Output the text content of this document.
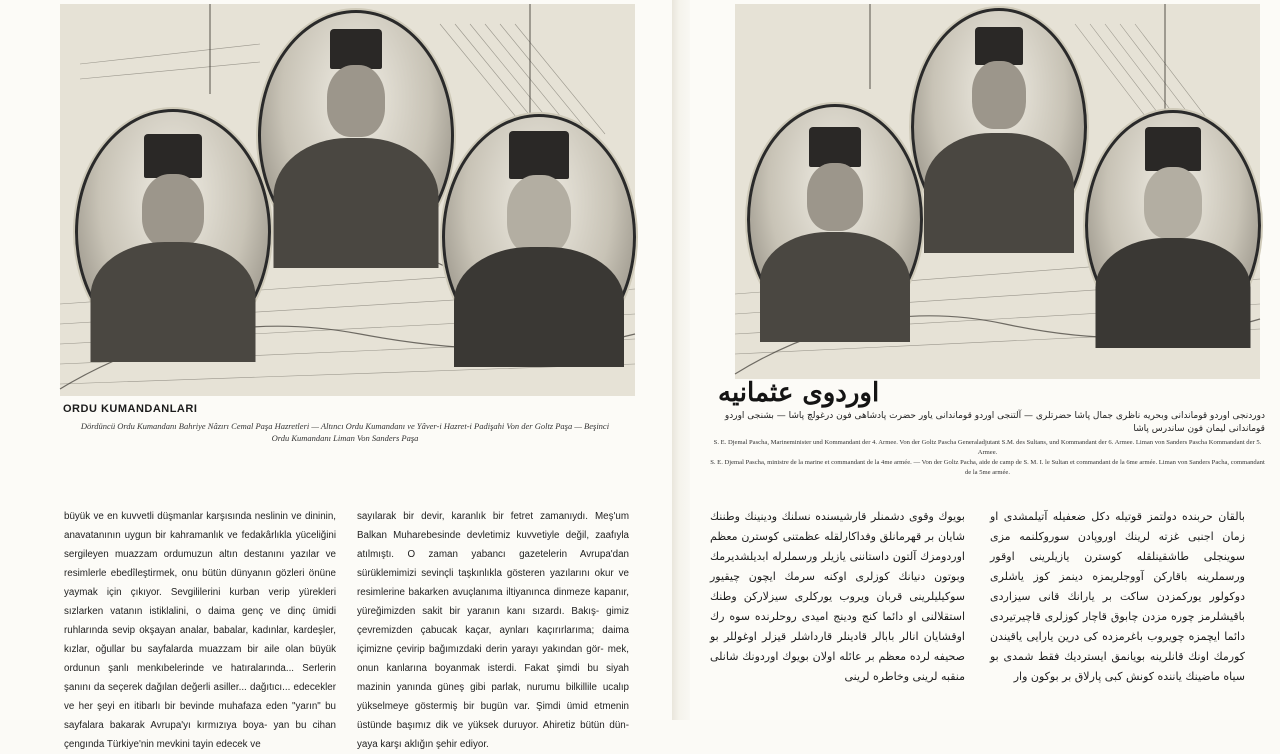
ORDU KUMANDANLARI
Dördüncü Ordu Kumandanı Bahriye Nâzırı Cemal Paşa Hazretleri — Altıncı Ordu Kumandanı ve Yâver-i Hazret-i Padişahi Von der Goltz Paşa — Beşinci Ordu Kumandanı Liman Von Sanders Paşa

büyük ve en kuvvetli düşmanlar karşısında neslinin ve dininin, anavatanının uygun bir kahramanlık ve fedakârlıkla yüceliğini sergileyen muazzam ordumuzun altın destanını yazılar ve resimlerle ebedîleştirmek, onu bütün dünyanın gözleri önüne yaymak için çıkıyor. Sevgililerini kurban verip yürekleri sızlarken vatanın istiklalini, o daima genç ve dinç ümidi ruhlarında sevip okşayan analar, babalar, kadınlar, kardeşler, kızlar, oğullar bu sayfalarda muazzam bir aile olan büyük ordunun şanlı menkıbelerinde ve hatıralarında... Serlerin şanını da seçerek dağılan değerli asiller... dağıtıcı... edecekler ve her şeyi en itibarlı bir bevinde muhafaza eden "yarın" bu sayfalara bakarak Avrupa'yı kırmızıya boya- yan bu cihan çengında Türkiye'nin mevkini tayin edecek ve

sayılarak bir devir, karanlık bir fetret zamanıydı. Meş'um Balkan Muharebesinde devletimiz kuvvetiyle değil, zaafıyla atılmıştı. O zaman yabancı gazetelerin Avrupa'dan sürüklemimizi sevinçli taşkınlıkla gösteren yazılarını okur ve resimlerine bakarken avuçlanıma iltiyanınca dinmeze kapanır, yüreğimizden sakit bir yaranın kanı sızardı. Bakış- gimiz çevremizden çabucak kaçar, aynları kaçırırlarıma; daima içimizne çevirip bağımızdaki derin yarayı yakından gör- mek, onun kanlarına boyanmak isterdi. Fakat şimdi bu siyah mazinin yanında güneş gibi parlak, nurumu bilkillile ucalıp yükselmeye göstermiş bir bugün var. Şimdi ümid etmenin üstünde başımız dik ve yüksek duruyor. Ahiretiz bütün dün- yaya karşı aklığın şehir ediyor.

اوردوى عثمانيه
دوردنجى اوردو قوماندانى وبحريه ناظرى جمال پاشا حضرتلرى — آلتنجى اوردو قوماندانى ياور حضرت پادشاهى فون درغولچ پاشا — بشنجى اوردو قوماندانى ليمان فون ساندرس پاشا
S. E. Djemal Pascha, Marineminister und Kommandant der 4. Armee. Von der Goltz Pascha Generaladjutant S.M. des Sultans, und Kommandant der 6. Armee. Liman von Sanders Pascha Kommandant der 5. Armee.
S. E. Djemal Pascha, ministre de la marine et commandant de la 4me armée. — Von der Goltz Pacha, aide de camp de S. M. I. le Sultan et commandant de la 6me armée. Liman von Sanders Pacha, commandant de la 5me armée.

بويوك وقوى دشمنلر قارشيسنده نسلنك ودينينك وطننك شايان بر قهرمانلق وفداكارلقله عظمتنى كوسترن معظم اوردومزك آلتون داستاننى يازيلر ورسملرله ابديلشديرمك وبوتون دنيانك كوزلرى اوكنه سرمك ايچون چيقيور سوكيليلرينى قربان ويروب يوركلرى سيزلاركن وطنك استقلالنى او دائما كنج ودينج اميدى روحلرنده سوه رك اوقشايان انالر بابالر قادينلر قارداشلر قيزلر اوغوللر بو صحيفه لرده معظم بر عائله اولان بويوك اوردونك شانلى منقبه لرينى وخاطره لرينى

بالقان حربنده دولتمز قوتيله دكل ضعفيله آتيلمشدى او زمان اجنبى غزته لرينك اوروپادن سوروكلنمه مزى سوينجلى طاشقينلقله كوسترن يازيلرينى اوقور ورسملرينه باقاركن آووجلريمزه دينمز كوز ياشلرى دوكولور يوركمزدن ساكت بر يارانك قانى سيزاردى باقيشلرمز چوره مزدن چابوق قاچار كوزلرى قاچيرتيردى دائما ايچمزه چويروب باغرمزده كى درين يارايى ياقيندن كورمك اونك قانلرينه بويانمق ايسترديك فقط شمدى بو سياه ماضينك ياننده كونش كبى پارلاق بر بوكون وار
